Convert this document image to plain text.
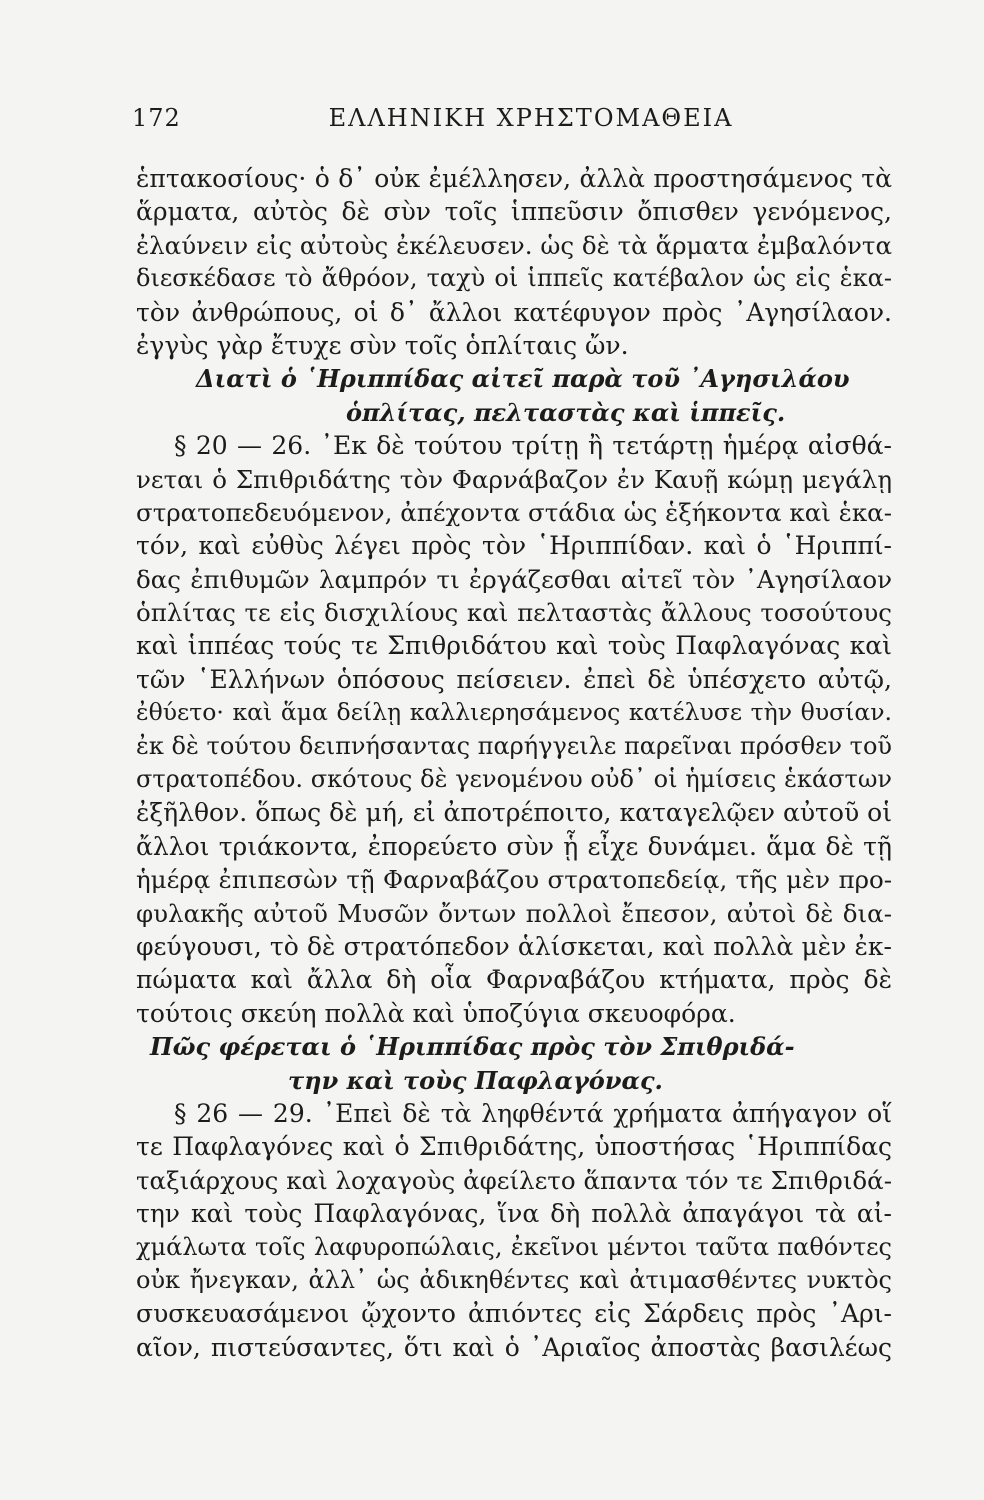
172	ΕΛΛΗΝΙΚΗ ΧΡΗΣΤΟΜΑΘΕΙΑ
ἑπτακοσίους· ὁ δ᾽ οὐκ ἐμέλλησεν, ἀλλὰ προστησάμενος τὰ
ἅρματα, αὐτὸς δὲ σὺν τοῖς ἱππεῦσιν ὄπισθεν γενόμενος,
ἐλαύνειν εἰς αὐτοὺς ἐκέλευσεν. ὡς δὲ τὰ ἅρματα ἐμβαλόντα
διεσκέδασε τὸ ἄθρόον, ταχὺ οἱ ἱππεῖς κατέβαλον ὡς εἰς ἑκα-
τὸν ἀνθρώπους, οἱ δ᾽ ἄλλοι κατέφυγον πρὸς ᾽Αγησίλαον.
ἐγγὺς γὰρ ἔτυχε σὺν τοῖς ὁπλίταις ὤν.
Διατὶ ὁ ῾Ηριππίδας αἰτεῖ παρὰ τοῦ ᾽Αγησιλάου
ὁπλίτας, πελταστὰς καὶ ἱππεῖς.
§ 20 — 26. ᾽Εκ δὲ τούτου τρίτῃ ἢ τετάρτῃ ἡμέρᾳ αἰσθά-
νεται ὁ Σπιθριδάτης τὸν Φαρνάβαζον ἐν Καυῇ κώμῃ μεγάλῃ
στρατοπεδευόμενον, ἀπέχοντα στάδια ὡς ἑξήκοντα καὶ ἑκα-
τόν, καὶ εὐθὺς λέγει πρὸς τὸν ῾Ηριππίδαν. καὶ ὁ ῾Ηριππί-
δας ἐπιθυμῶν λαμπρόν τι ἐργάζεσθαι αἰτεῖ τὸν ᾽Αγησίλαον
ὁπλίτας τε εἰς δισχιλίους καὶ πελταστὰς ἄλλους τοσούτους
καὶ ἱππέας τούς τε Σπιθριδάτου καὶ τοὺς Παφλαγόνας καὶ
τῶν ῾Ελλήνων ὁπόσους πείσειεν. ἐπεὶ δὲ ὑπέσχετο αὐτῷ,
ἐθύετο· καὶ ἅμα δείλῃ καλλιερησάμενος κατέλυσε τὴν θυσίαν.
ἐκ δὲ τούτου δειπνήσαντας παρήγγειλε παρεῖναι πρόσθεν τοῦ
στρατοπέδου. σκότους δὲ γενομένου οὐδ᾽ οἱ ἡμίσεις ἑκάστων
ἐξῆλθον. ὅπως δὲ μή, εἰ ἀποτρέποιτο, καταγελῷεν αὐτοῦ οἱ
ἄλλοι τριάκοντα, ἐπορεύετο σὺν ᾗ εἶχε δυνάμει. ἅμα δὲ τῇ
ἡμέρᾳ ἐπιπεσὼν τῇ Φαρναβάζου στρατοπεδείᾳ, τῆς μὲν προ-
φυλακῆς αὐτοῦ Μυσῶν ὄντων πολλοὶ ἔπεσον, αὐτοὶ δὲ δια-
φεύγουσι, τὸ δὲ στρατόπεδον ἁλίσκεται, καὶ πολλὰ μὲν ἐκ-
πώματα καὶ ἄλλα δὴ οἷα Φαρναβάζου κτήματα, πρὸς δὲ
τούτοις σκεύη πολλὰ καὶ ὑποζύγια σκευοφόρα.
Πῶς φέρεται ὁ ῾Ηριππίδας πρὸς τὸν Σπιθριδά-
την καὶ τοὺς Παφλαγόνας.
§ 26 — 29. ᾽Επεὶ δὲ τὰ ληφθέντά χρήματα ἀπήγαγον οἵ
τε Παφλαγόνες καὶ ὁ Σπιθριδάτης, ὑποστήσας ῾Ηριππίδας
ταξιάρχους καὶ λοχαγοὺς ἀφείλετο ἅπαντα τόν τε Σπιθριδά-
την καὶ τοὺς Παφλαγόνας, ἵνα δὴ πολλὰ ἀπαγάγοι τὰ αἰ-
χμάλωτα τοῖς λαφυροπώλαις, ἐκεῖνοι μέντοι ταῦτα παθόντες
οὐκ ἤνεγκαν, ἀλλ᾽ ὡς ἀδικηθέντες καὶ ἀτιμασθέντες νυκτὸς
συσκευασάμενοι ᾤχοντο ἀπιόντες εἰς Σάρδεις πρὸς ᾽Αρι-
αῖον, πιστεύσαντες, ὅτι καὶ ὁ ᾽Αριαῖος ἀποστὰς βασιλέως
